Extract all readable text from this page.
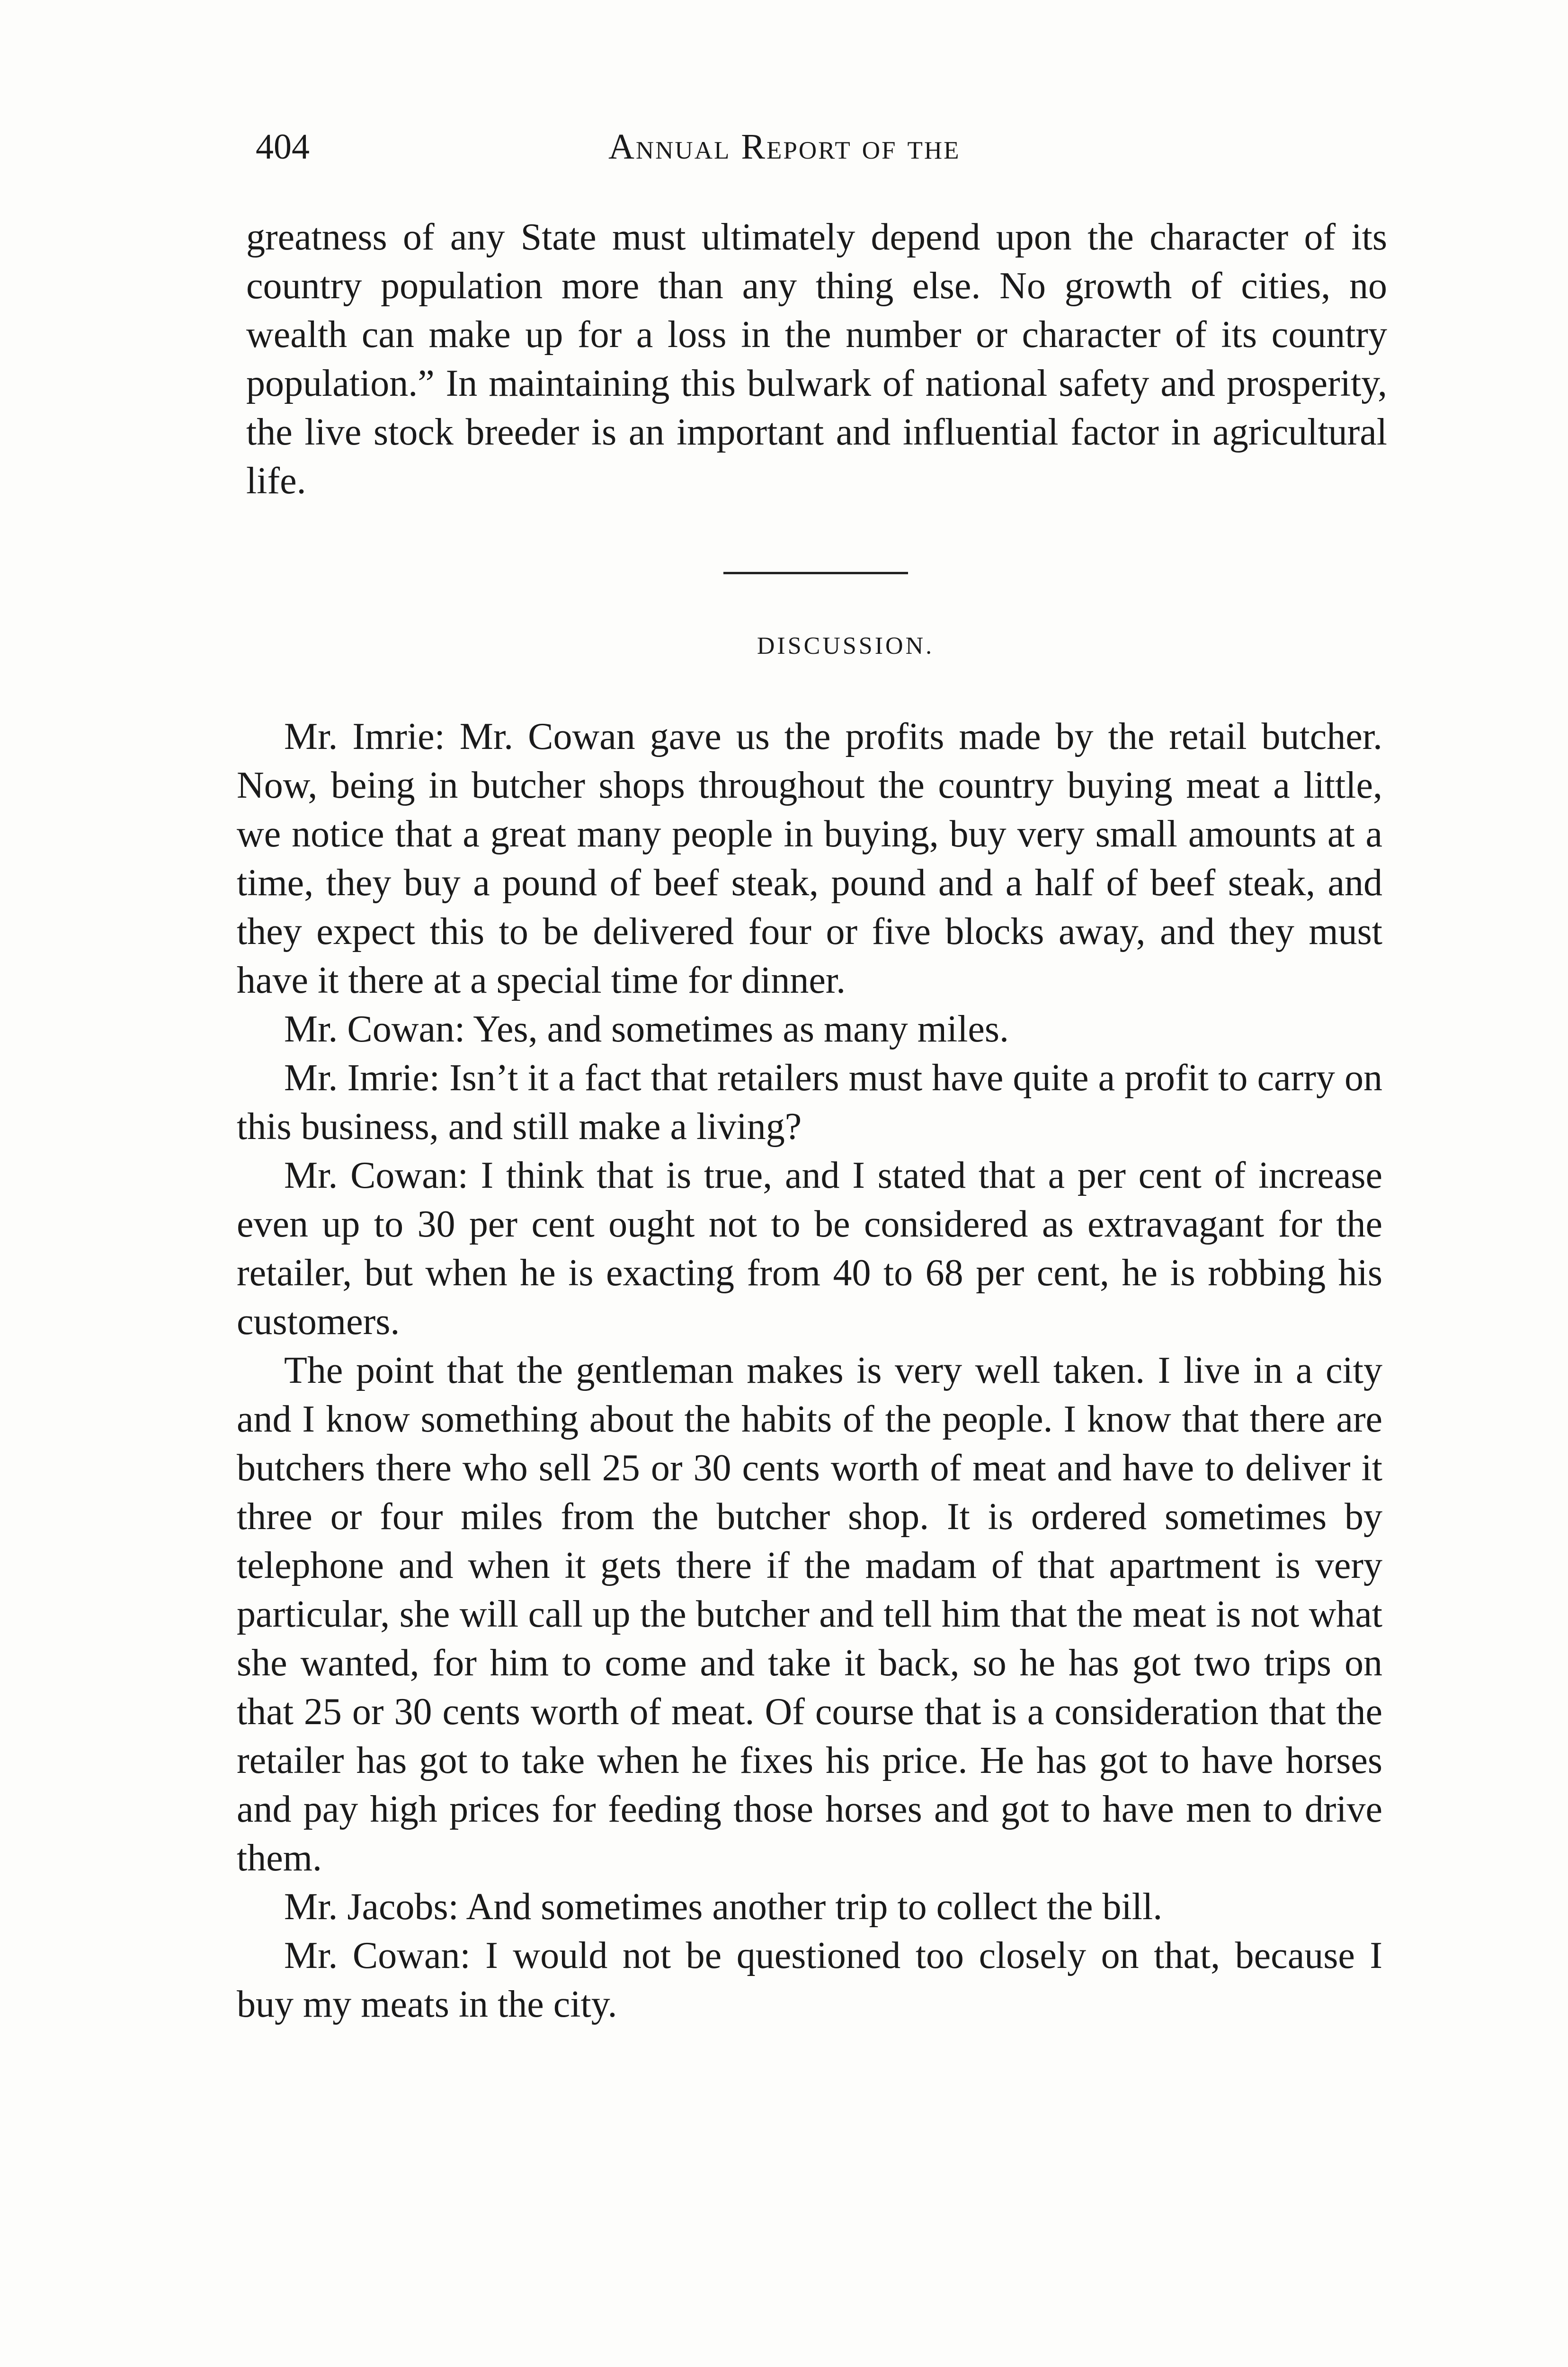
404	Annual Report of the

greatness of any State must ultimately depend upon the character of its country population more than any thing else. No growth of cities, no wealth can make up for a loss in the number or character of its country population.” In maintaining this bulwark of national safety and prosperity, the live stock breeder is an important and influential factor in agricultural life.

DISCUSSION.

Mr. Imrie: Mr. Cowan gave us the profits made by the retail butcher. Now, being in butcher shops throughout the country buying meat a little, we notice that a great many people in buying, buy very small amounts at a time, they buy a pound of beef steak, pound and a half of beef steak, and they expect this to be delivered four or five blocks away, and they must have it there at a special time for dinner.

Mr. Cowan: Yes, and sometimes as many miles.

Mr. Imrie: Isn’t it a fact that retailers must have quite a profit to carry on this business, and still make a living?

Mr. Cowan: I think that is true, and I stated that a per cent of increase even up to 30 per cent ought not to be considered as extravagant for the retailer, but when he is exacting from 40 to 68 per cent, he is robbing his customers.

The point that the gentleman makes is very well taken. I live in a city and I know something about the habits of the people. I know that there are butchers there who sell 25 or 30 cents worth of meat and have to deliver it three or four miles from the butcher shop. It is ordered sometimes by telephone and when it gets there if the madam of that apartment is very particular, she will call up the butcher and tell him that the meat is not what she wanted, for him to come and take it back, so he has got two trips on that 25 or 30 cents worth of meat. Of course that is a consideration that the retailer has got to take when he fixes his price. He has got to have horses and pay high prices for feeding those horses and got to have men to drive them.

Mr. Jacobs: And sometimes another trip to collect the bill.

Mr. Cowan: I would not be questioned too closely on that, because I buy my meats in the city.
